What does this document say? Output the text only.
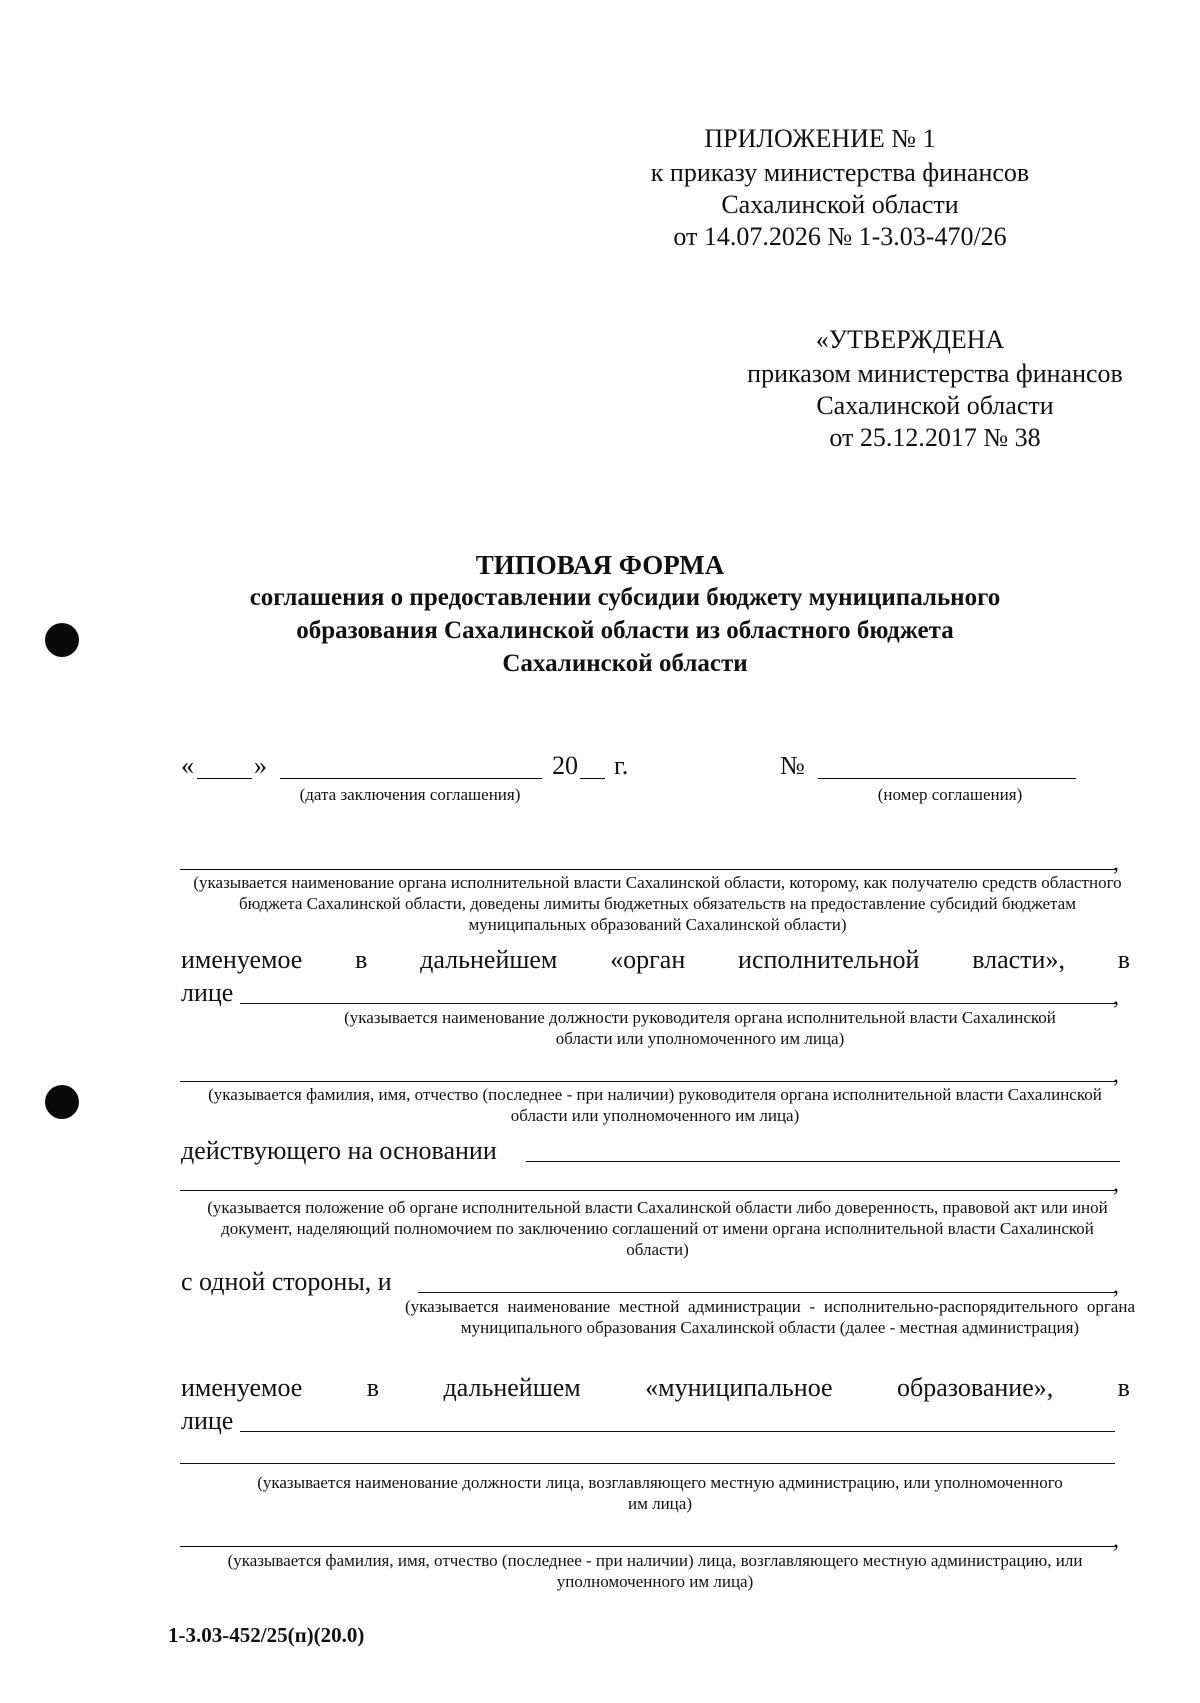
ПРИЛОЖЕНИЕ № 1
к приказу министерства финансов
Сахалинской области
от 14.07.2026 № 1-3.03-470/26
«УТВЕРЖДЕНА
приказом министерства финансов
Сахалинской области
от 25.12.2017 № 38
ТИПОВАЯ ФОРМА
соглашения о предоставлении субсидии бюджету муниципального
образования Сахалинской области из областного бюджета
Сахалинской области
« »	20 г.	№
(дата заключения соглашения)	(номер соглашения)
,
(указывается наименование органа исполнительной власти Сахалинской области, которому, как получателю средств областного бюджета Сахалинской области, доведены лимиты бюджетных обязательств на предоставление субсидий бюджетам муниципальных образований Сахалинской области)
именуемое в дальнейшем «орган исполнительной власти», в
лице	,
(указывается наименование должности руководителя органа исполнительной власти Сахалинской области или уполномоченного им лица)
,
(указывается фамилия, имя, отчество (последнее - при наличии) руководителя органа исполнительной власти Сахалинской области или уполномоченного им лица)
действующего на основании
,
(указывается положение об органе исполнительной власти Сахалинской области либо доверенность, правовой акт или иной документ, наделяющий полномочием по заключению соглашений от имени органа исполнительной власти Сахалинской области)
с одной стороны, и	,
(указывается наименование местной администрации - исполнительно-распорядительного органа муниципального образования Сахалинской области (далее - местная администрация)
именуемое в дальнейшем «муниципальное образование», в
лице
(указывается наименование должности лица, возглавляющего местную администрацию, или уполномоченного им лица)
,
(указывается фамилия, имя, отчество (последнее - при наличии) лица, возглавляющего местную администрацию, или уполномоченного им лица)
1-3.03-452/25(п)(20.0)
